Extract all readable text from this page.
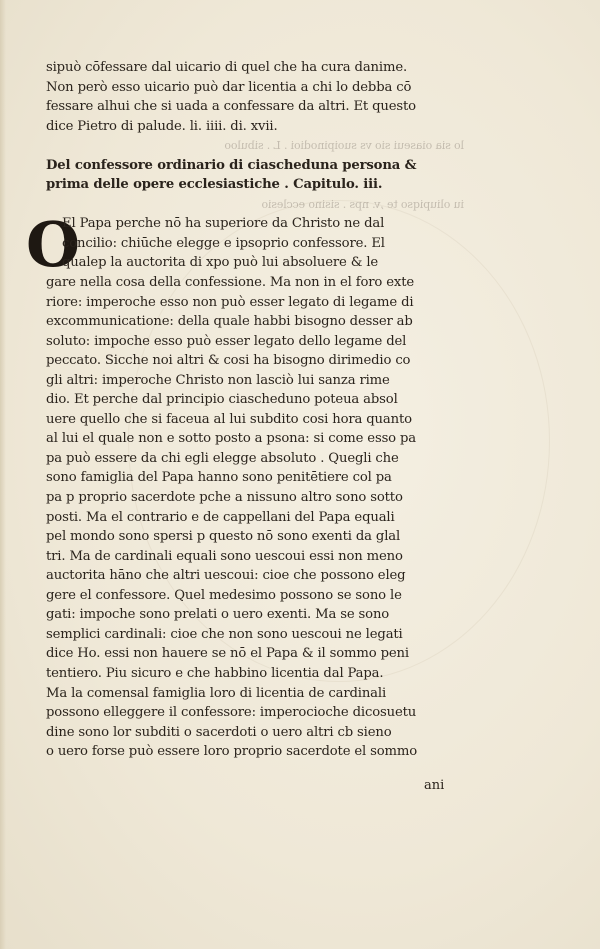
O
sipuò cōfessare dal uicario di quel che ha cura danime.
Non però esso uicario può dar licentia a chi lo debba cō
fessare alhui che si uada a confessare da altri. Et questo
dice Pietro di palude. li. iiii. di. xvii.
lo sia oiaseui sio vs suoipinodioi . L . sibuloo
Del confessore ordinario di ciascheduna persona &
prima delle opere ecclesiastiche . Capitulo. iii.
iu oliupiqso te ,v. nps . sisino ecclesio
El Papa perche nō ha superiore da Christo ne dal
concilio: chiūche elegge e ipsoprio confessore. El
qualep la auctorita di xpo può lui absoluere & le
gare nella cosa della confessione. Ma non in el foro exte
riore: imperoche esso non può esser legato di legame di
excommunicatione: della quale habbi bisogno desser ab
soluto: impoche esso può esser legato dello legame del
peccato. Sicche noi altri & cosi ha bisogno dirimedio co
gli altri: imperoche Christo non lasciò lui sanza rime
dio. Et perche dal principio ciascheduno poteua absol
uere quello che si faceua al lui subdito cosi hora quanto
al lui el quale non e sotto posto a psona: si come esso pa
pa può essere da chi egli elegge absoluto . Quegli che
sono famiglia del Papa hanno sono penitētiere col pa
pa p proprio sacerdote pche a nissuno altro sono sotto
posti. Ma el contrario e de cappellani del Papa equali
pel mondo sono spersi p questo nō sono exenti da glal
tri. Ma de cardinali equali sono uescoui essi non meno
auctorita hāno che altri uescoui: cioe che possono eleg
gere el confessore. Quel medesimo possono se sono le
gati: impoche sono prelati o uero exenti. Ma se sono
semplici cardinali: cioe che non sono uescoui ne legati
dice Ho. essi non hauere se nō el Papa & il sommo peni
tentiero. Piu sicuro e che habbino licentia dal Papa.
Ma la comensal famiglia loro di licentia de cardinali
possono elleggere il confessore: imperocioche dicosuetu
dine sono lor subditi o sacerdoti o uero altri cb sieno
o uero forse può essere loro proprio sacerdote el sommo
ani
